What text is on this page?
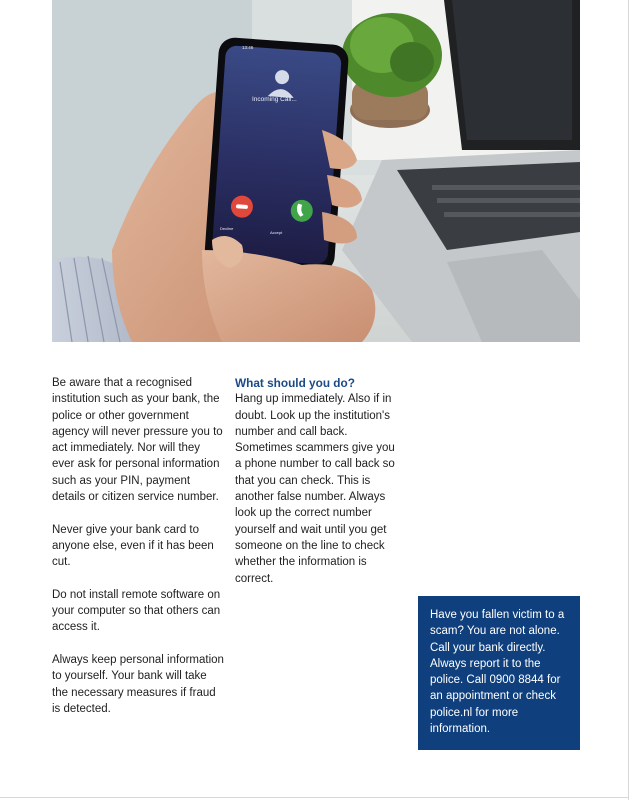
13:46
Incoming Call...
Decline
Accept

Be aware that a recognised institution such as your bank, the police or other government agency will never pressure you to act immediately. Nor will they ever ask for personal information such as your PIN, payment details or citizen service number.

Never give your bank card to anyone else, even if it has been cut.

Do not install remote software on your computer so that others can access it.

Always keep personal information to yourself. Your bank will take the necessary measures if fraud is detected.

What should you do?

Hang up immediately. Also if in doubt. Look up the institution's number and call back. Sometimes scammers give you a phone number to call back so that you can check. This is another false number. Always look up the correct number yourself and wait until you get someone on the line to check whether the information is correct.

Have you fallen victim to a scam? You are not alone. Call your bank directly. Always report it to the police. Call 0900 8844 for an appointment or check police.nl for more information.
